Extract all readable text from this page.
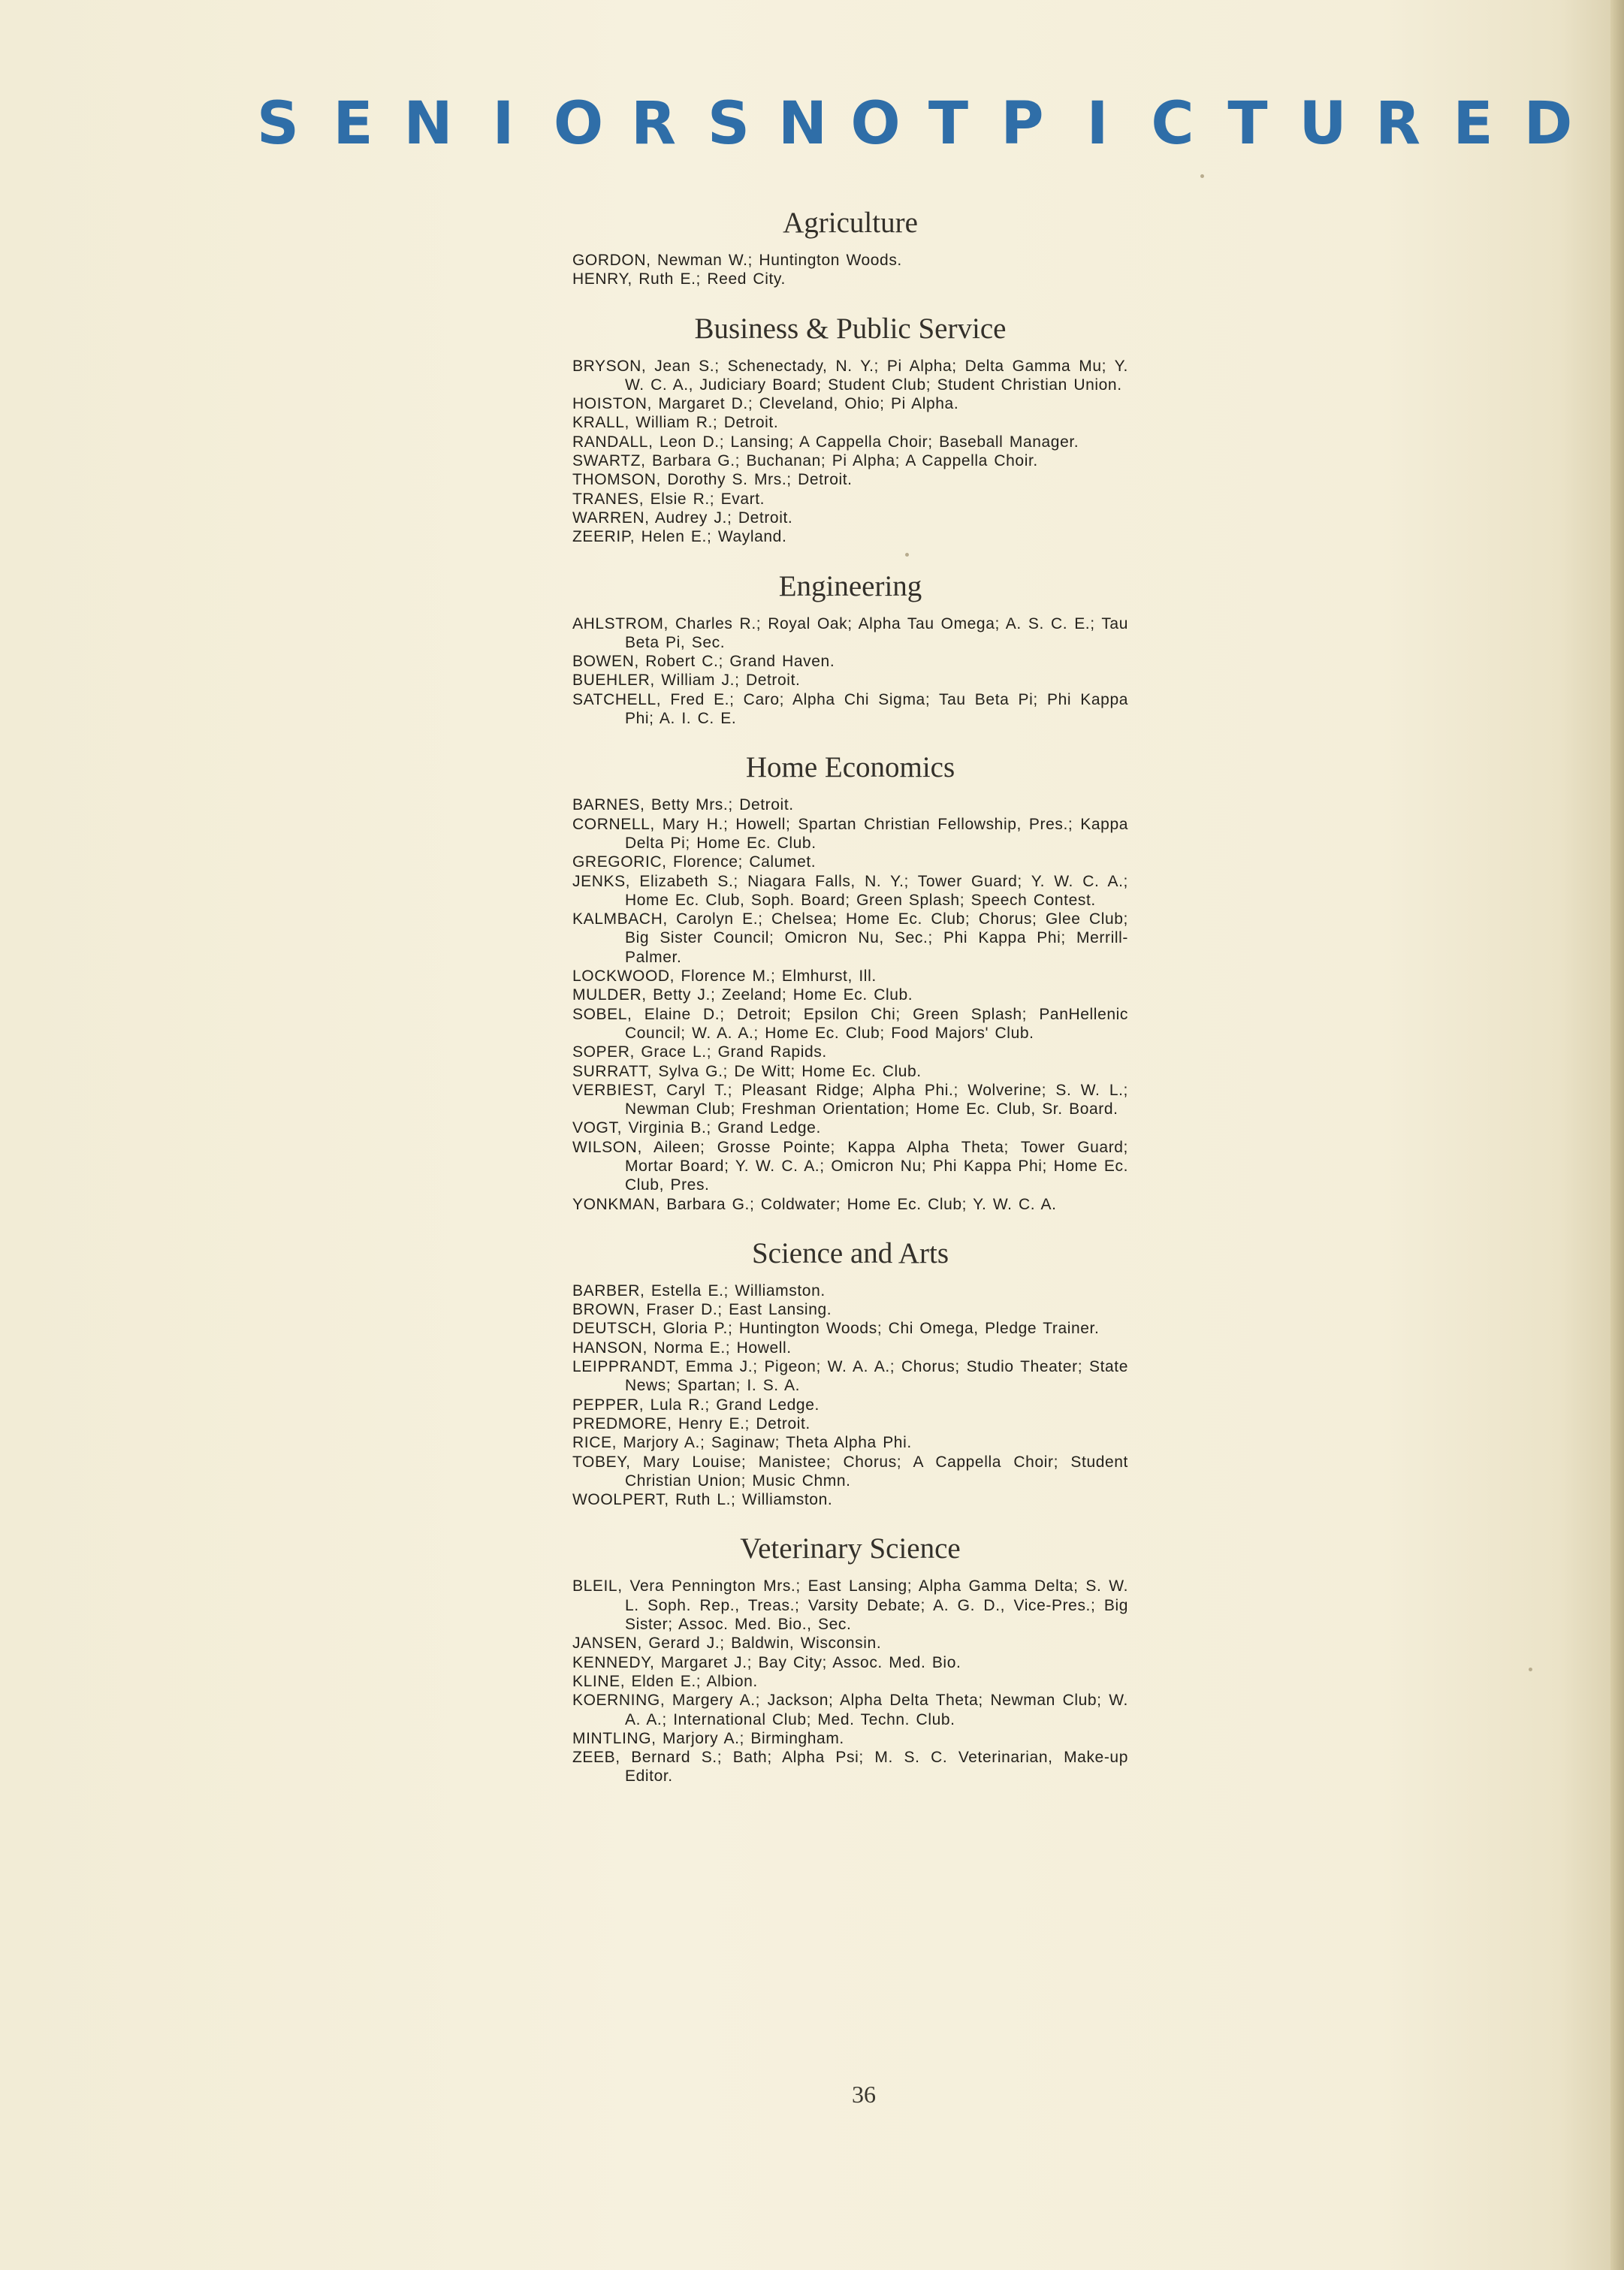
S E N I O R S N O T P I C T U R E D
Agriculture
GORDON, Newman W.; Huntington Woods.
HENRY, Ruth E.; Reed City.
Business & Public Service
BRYSON, Jean S.; Schenectady, N. Y.; Pi Alpha; Delta Gamma Mu; Y. W. C. A., Judiciary Board; Student Club; Student Christian Union.
HOISTON, Margaret D.; Cleveland, Ohio; Pi Alpha.
KRALL, William R.; Detroit.
RANDALL, Leon D.; Lansing; A Cappella Choir; Baseball Manager.
SWARTZ, Barbara G.; Buchanan; Pi Alpha; A Cappella Choir.
THOMSON, Dorothy S. Mrs.; Detroit.
TRANES, Elsie R.; Evart.
WARREN, Audrey J.; Detroit.
ZEERIP, Helen E.; Wayland.
Engineering
AHLSTROM, Charles R.; Royal Oak; Alpha Tau Omega; A. S. C. E.; Tau Beta Pi, Sec.
BOWEN, Robert C.; Grand Haven.
BUEHLER, William J.; Detroit.
SATCHELL, Fred E.; Caro; Alpha Chi Sigma; Tau Beta Pi; Phi Kappa Phi; A. I. C. E.
Home Economics
BARNES, Betty Mrs.; Detroit.
CORNELL, Mary H.; Howell; Spartan Christian Fellowship, Pres.; Kappa Delta Pi; Home Ec. Club.
GREGORIC, Florence; Calumet.
JENKS, Elizabeth S.; Niagara Falls, N. Y.; Tower Guard; Y. W. C. A.; Home Ec. Club, Soph. Board; Green Splash; Speech Contest.
KALMBACH, Carolyn E.; Chelsea; Home Ec. Club; Chorus; Glee Club; Big Sister Council; Omicron Nu, Sec.; Phi Kappa Phi; Merrill-Palmer.
LOCKWOOD, Florence M.; Elmhurst, Ill.
MULDER, Betty J.; Zeeland; Home Ec. Club.
SOBEL, Elaine D.; Detroit; Epsilon Chi; Green Splash; PanHellenic Council; W. A. A.; Home Ec. Club; Food Majors' Club.
SOPER, Grace L.; Grand Rapids.
SURRATT, Sylva G.; De Witt; Home Ec. Club.
VERBIEST, Caryl T.; Pleasant Ridge; Alpha Phi.; Wolverine; S. W. L.; Newman Club; Freshman Orientation; Home Ec. Club, Sr. Board.
VOGT, Virginia B.; Grand Ledge.
WILSON, Aileen; Grosse Pointe; Kappa Alpha Theta; Tower Guard; Mortar Board; Y. W. C. A.; Omicron Nu; Phi Kappa Phi; Home Ec. Club, Pres.
YONKMAN, Barbara G.; Coldwater; Home Ec. Club; Y. W. C. A.
Science and Arts
BARBER, Estella E.; Williamston.
BROWN, Fraser D.; East Lansing.
DEUTSCH, Gloria P.; Huntington Woods; Chi Omega, Pledge Trainer.
HANSON, Norma E.; Howell.
LEIPPRANDT, Emma J.; Pigeon; W. A. A.; Chorus; Studio Theater; State News; Spartan; I. S. A.
PEPPER, Lula R.; Grand Ledge.
PREDMORE, Henry E.; Detroit.
RICE, Marjory A.; Saginaw; Theta Alpha Phi.
TOBEY, Mary Louise; Manistee; Chorus; A Cappella Choir; Student Christian Union; Music Chmn.
WOOLPERT, Ruth L.; Williamston.
Veterinary Science
BLEIL, Vera Pennington Mrs.; East Lansing; Alpha Gamma Delta; S. W. L. Soph. Rep., Treas.; Varsity Debate; A. G. D., Vice-Pres.; Big Sister; Assoc. Med. Bio., Sec.
JANSEN, Gerard J.; Baldwin, Wisconsin.
KENNEDY, Margaret J.; Bay City; Assoc. Med. Bio.
KLINE, Elden E.; Albion.
KOERNING, Margery A.; Jackson; Alpha Delta Theta; Newman Club; W. A. A.; International Club; Med. Techn. Club.
MINTLING, Marjory A.; Birmingham.
ZEEB, Bernard S.; Bath; Alpha Psi; M. S. C. Veterinarian, Make-up Editor.
36
